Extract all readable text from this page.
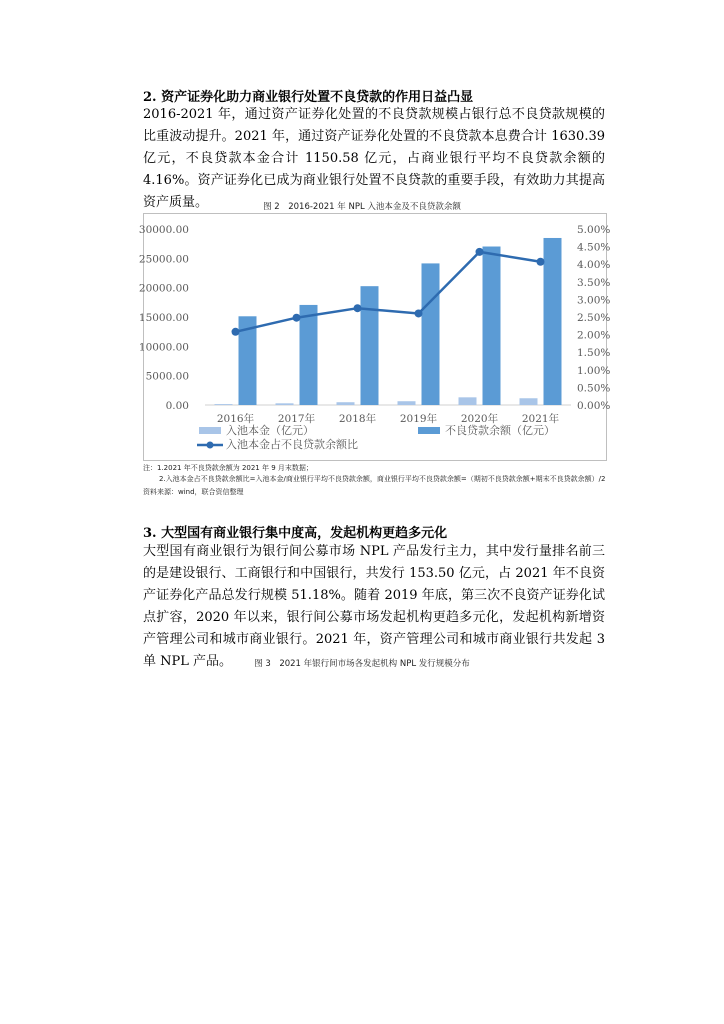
2. 资产证券化助力商业银行处置不良贷款的作用日益凸显
2016-2021 年，通过资产证券化处置的不良贷款规模占银行总不良贷款规模的比重波动提升。2021 年，通过资产证券化处置的不良贷款本息费合计 1630.39 亿元，不良贷款本金合计 1150.58 亿元，占商业银行平均不良贷款余额的 4.16%。资产证券化已成为商业银行处置不良贷款的重要手段，有效助力其提高资产质量。	图 2　2016-2021 年 NPL 入池本金及不良贷款余额
0.00
5000.00
10000.00
15000.00
20000.00
25000.00
30000.00
0.00%
0.50%
1.00%
1.50%
2.00%
2.50%
3.00%
3.50%
4.00%
4.50%
5.00%
2016年 2017年 2018年 2019年 2020年 2021年
入池本金（亿元）	不良贷款余额（亿元）
入池本金占不良贷款余额比
注：1.2021 年不良贷款余额为 2021 年 9 月末数据；
2.入池本金占不良贷款余额比=入池本金/商业银行平均不良贷款余额，商业银行平均不良贷款余额=（期初不良贷款余额+期末不良贷款余额）/2
资料来源：wind，联合资信整理
3. 大型国有商业银行集中度高，发起机构更趋多元化
大型国有商业银行为银行间公募市场 NPL 产品发行主力，其中发行量排名前三的是建设银行、工商银行和中国银行，共发行 153.50 亿元，占 2021 年不良资产证券化产品总发行规模 51.18%。随着 2019 年底，第三次不良资产证券化试点扩容，2020 年以来，银行间公募市场发起机构更趋多元化，发起机构新增资产管理公司和城市商业银行。2021 年，资产管理公司和城市商业银行共发起 3 单 NPL 产品。	图 3　2021 年银行间市场各发起机构 NPL 发行规模分布
